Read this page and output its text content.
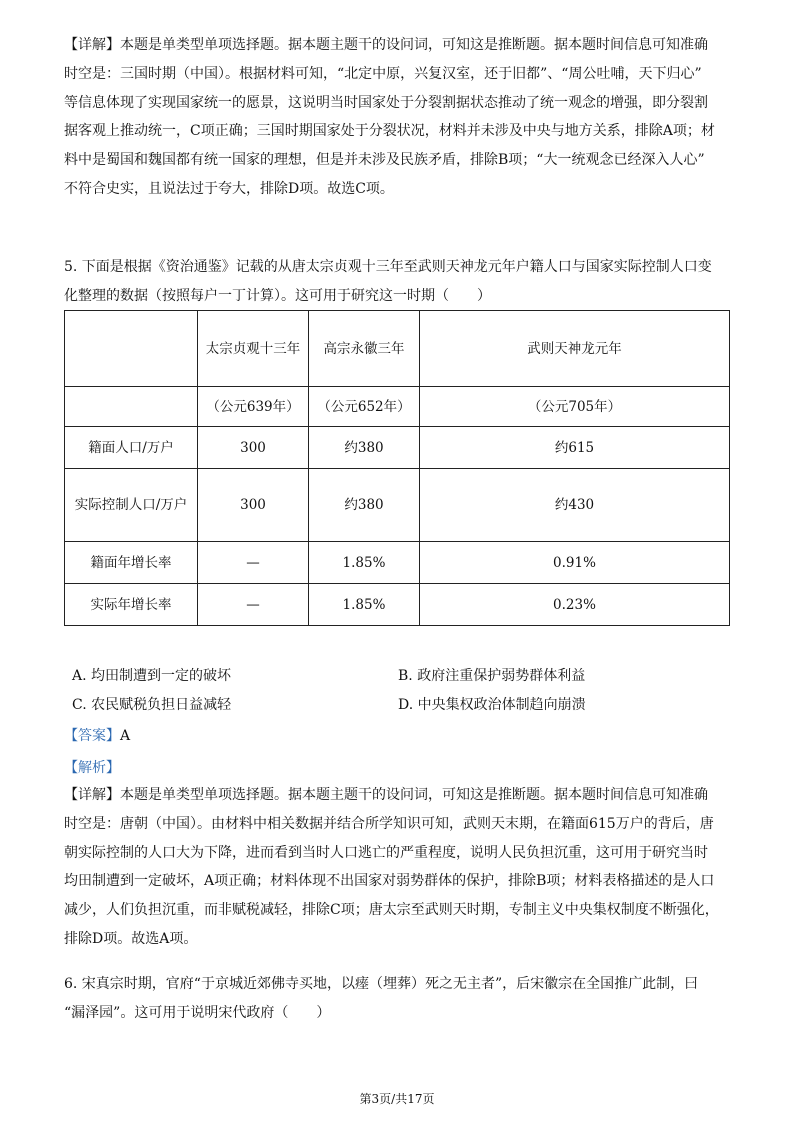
【详解】本题是单类型单项选择题。据本题主题干的设问词，可知这是推断题。据本题时间信息可知准确
时空是：三国时期（中国）。根据材料可知，“北定中原，兴复汉室，还于旧都”、“周公吐哺，天下归心”
等信息体现了实现国家统一的愿景，这说明当时国家处于分裂割据状态推动了统一观念的增强，即分裂割
据客观上推动统一，C项正确；三国时期国家处于分裂状况，材料并未涉及中央与地方关系，排除A项；材
料中是蜀国和魏国都有统一国家的理想，但是并未涉及民族矛盾，排除B项；“大一统观念已经深入人心”
不符合史实，且说法过于夸大，排除D项。故选C项。
5. 下面是根据《资治通鉴》记载的从唐太宗贞观十三年至武则天神龙元年户籍人口与国家实际控制人口变
化整理的数据（按照每户一丁计算）。这可用于研究这一时期（　　）
	太宗贞观十三年	高宗永徽三年	武则天神龙元年
	（公元639年）	（公元652年）	（公元705年）
籍面人口/万户	300	约380	约615
实际控制人口/万户	300	约380	约430
籍面年增长率	—	1.85%	0.91%
实际年增长率	—	1.85%	0.23%
A. 均田制遭到一定的破坏	B. 政府注重保护弱势群体利益
C. 农民赋税负担日益减轻	D. 中央集权政治体制趋向崩溃
【答案】A
【解析】
【详解】本题是单类型单项选择题。据本题主题干的设问词，可知这是推断题。据本题时间信息可知准确
时空是：唐朝（中国）。由材料中相关数据并结合所学知识可知，武则天末期，在籍面615万户的背后，唐
朝实际控制的人口大为下降，进而看到当时人口逃亡的严重程度，说明人民负担沉重，这可用于研究当时
均田制遭到一定破坏，A项正确；材料体现不出国家对弱势群体的保护，排除B项；材料表格描述的是人口
减少，人们负担沉重，而非赋税减轻，排除C项；唐太宗至武则天时期，专制主义中央集权制度不断强化，
排除D项。故选A项。
6. 宋真宗时期，官府“于京城近郊佛寺买地，以瘗（埋葬）死之无主者”，后宋徽宗在全国推广此制，曰
“漏泽园”。这可用于说明宋代政府（　　）
第3页/共17页
